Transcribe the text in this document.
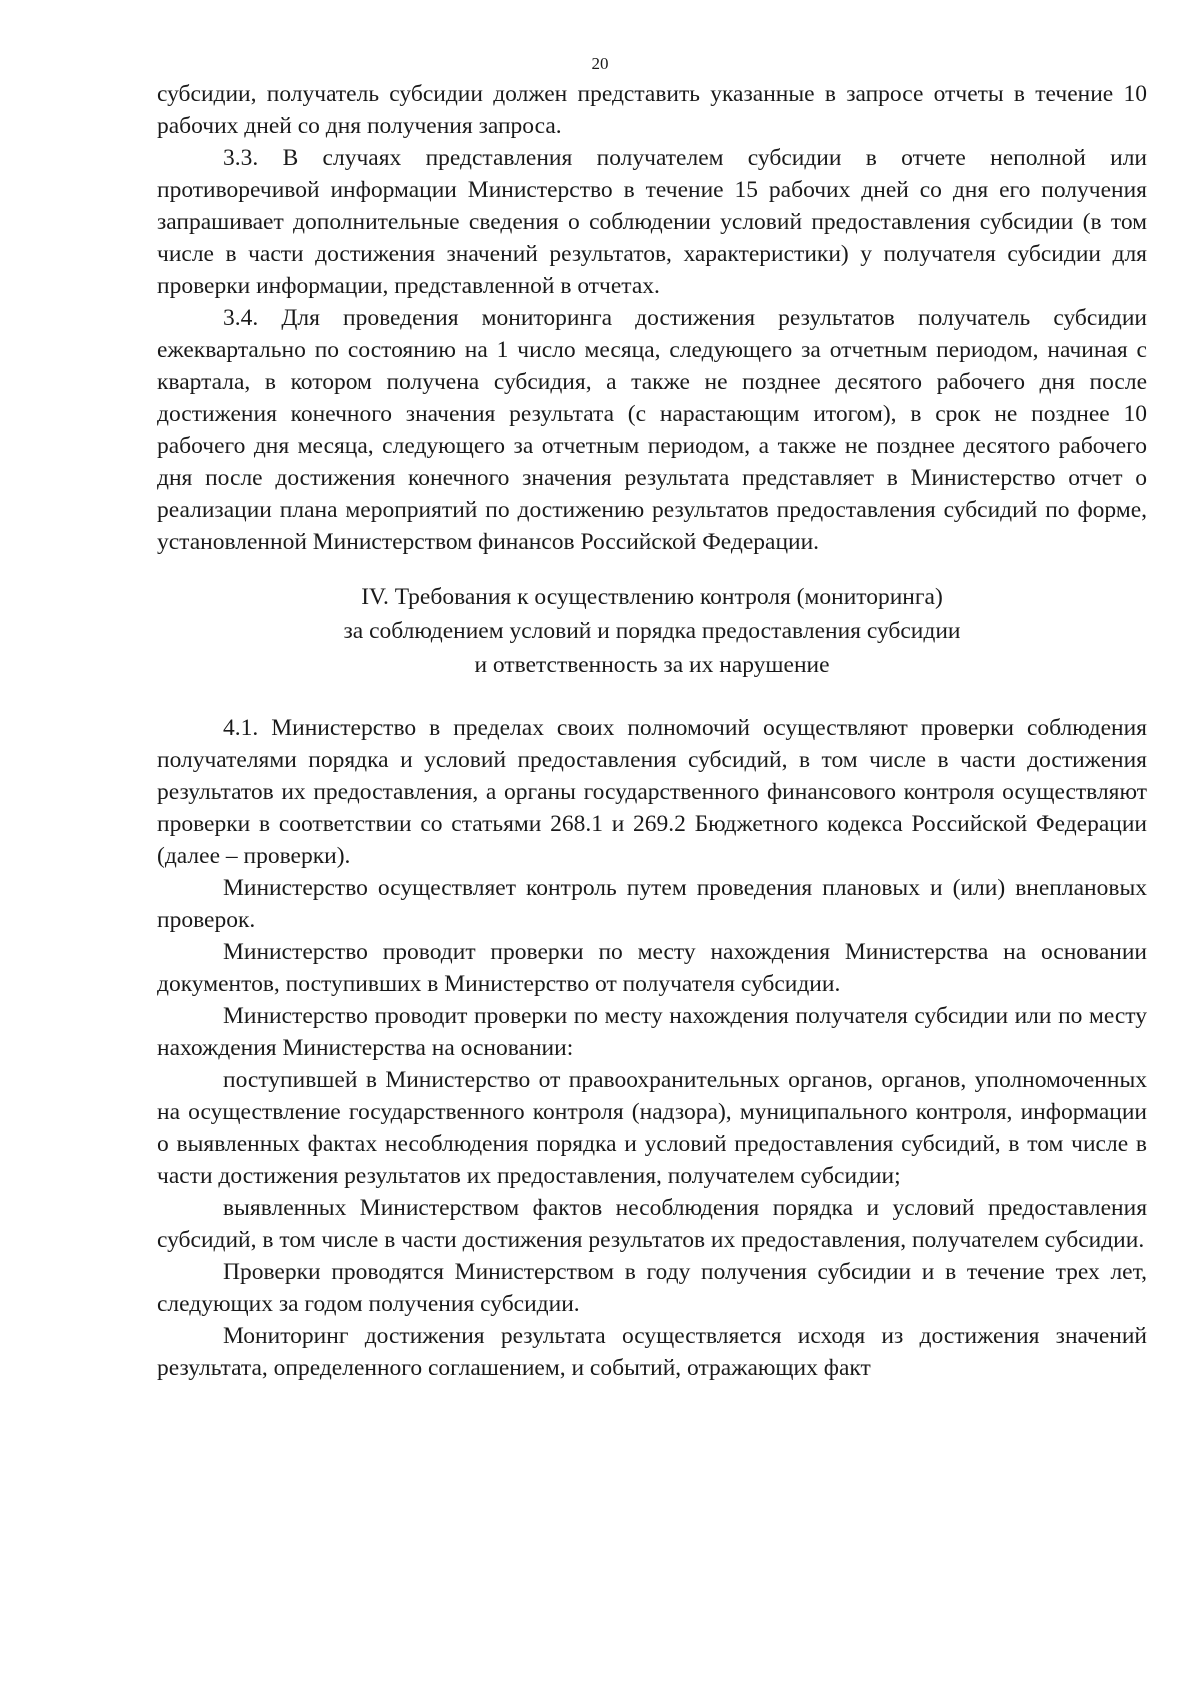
20

субсидии, получатель субсидии должен представить указанные в запросе отчеты в течение 10 рабочих дней со дня получения запроса.

3.3. В случаях представления получателем субсидии в отчете неполной или противоречивой информации Министерство в течение 15 рабочих дней со дня его получения запрашивает дополнительные сведения о соблюдении условий предоставления субсидии (в том числе в части достижения значений результатов, характеристики) у получателя субсидии для проверки информации, представленной в отчетах.

3.4. Для проведения мониторинга достижения результатов получатель субсидии ежеквартально по состоянию на 1 число месяца, следующего за отчетным периодом, начиная с квартала, в котором получена субсидия, а также не позднее десятого рабочего дня после достижения конечного значения результата (с нарастающим итогом), в срок не позднее 10 рабочего дня месяца, следующего за отчетным периодом, а также не позднее десятого рабочего дня после достижения конечного значения результата представляет в Министерство отчет о реализации плана мероприятий по достижению результатов предоставления субсидий по форме, установленной Министерством финансов Российской Федерации.

IV. Требования к осуществлению контроля (мониторинга)
за соблюдением условий и порядка предоставления субсидии
и ответственность за их нарушение

4.1. Министерство в пределах своих полномочий осуществляют проверки соблюдения получателями порядка и условий предоставления субсидий, в том числе в части достижения результатов их предоставления, а органы государственного финансового контроля осуществляют проверки в соответствии со статьями 268.1 и 269.2 Бюджетного кодекса Российской Федерации (далее – проверки).

Министерство осуществляет контроль путем проведения плановых и (или) внеплановых проверок.

Министерство проводит проверки по месту нахождения Министерства на основании документов, поступивших в Министерство от получателя субсидии.

Министерство проводит проверки по месту нахождения получателя субсидии или по месту нахождения Министерства на основании:

поступившей в Министерство от правоохранительных органов, органов, уполномоченных на осуществление государственного контроля (надзора), муниципального контроля, информации о выявленных фактах несоблюдения порядка и условий предоставления субсидий, в том числе в части достижения результатов их предоставления, получателем субсидии;

выявленных Министерством фактов несоблюдения порядка и условий предоставления субсидий, в том числе в части достижения результатов их предоставления, получателем субсидии.

Проверки проводятся Министерством в году получения субсидии и в течение трех лет, следующих за годом получения субсидии.

Мониторинг достижения результата осуществляется исходя из достижения значений результата, определенного соглашением, и событий, отражающих факт
